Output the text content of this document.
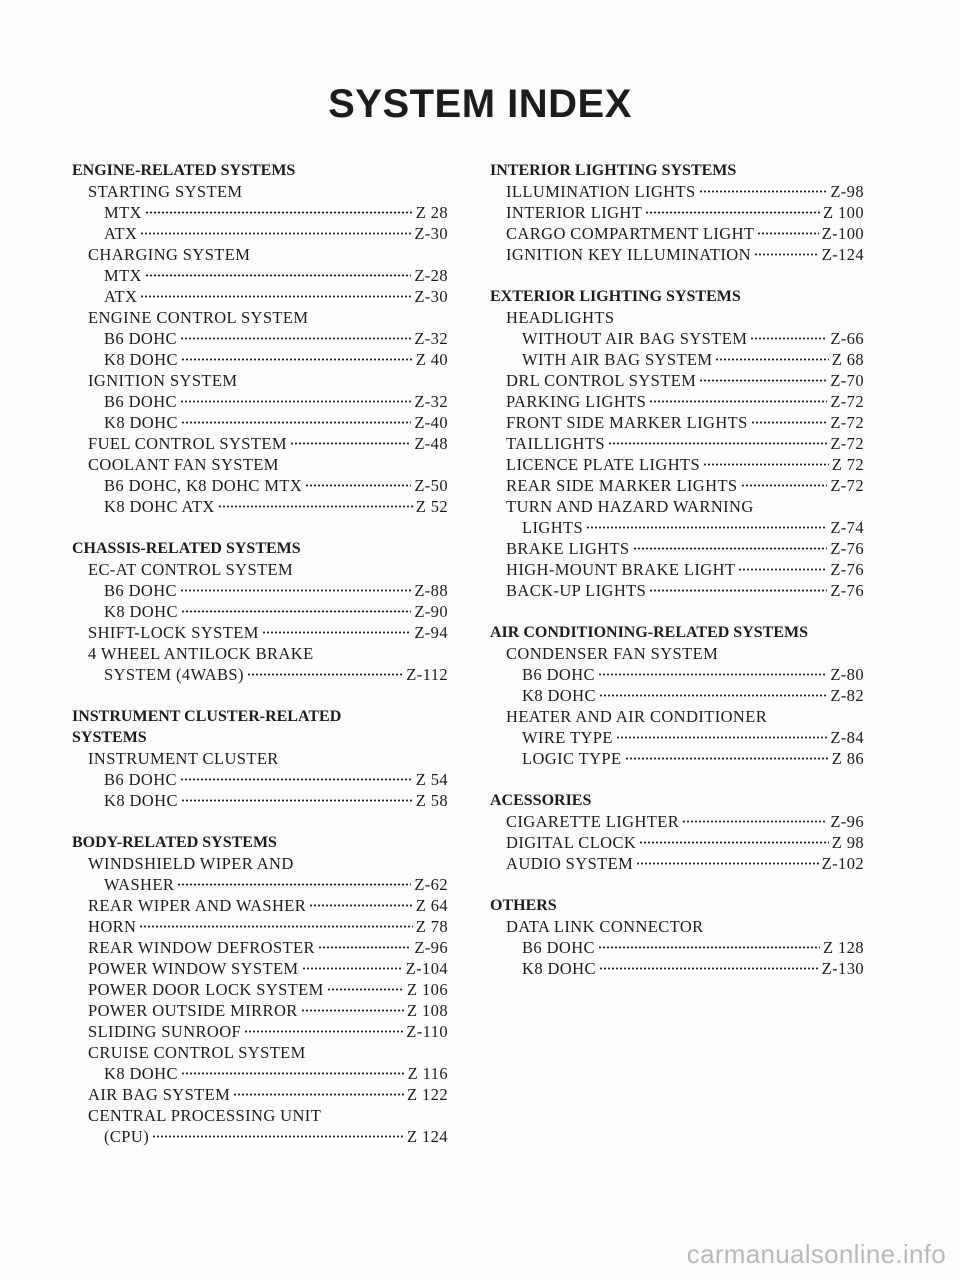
SYSTEM INDEX
ENGINE-RELATED SYSTEMS
STARTING SYSTEM
MTX	Z 28
ATX	Z-30
CHARGING SYSTEM
MTX	Z-28
ATX	Z-30
ENGINE CONTROL SYSTEM
B6 DOHC	Z-32
K8 DOHC	Z 40
IGNITION SYSTEM
B6 DOHC	Z-32
K8 DOHC	Z-40
FUEL CONTROL SYSTEM	Z-48
COOLANT FAN SYSTEM
B6 DOHC, K8 DOHC MTX	Z-50
K8 DOHC ATX	Z 52
CHASSIS-RELATED SYSTEMS
EC-AT CONTROL SYSTEM
B6 DOHC	Z-88
K8 DOHC	Z-90
SHIFT-LOCK SYSTEM	Z-94
4 WHEEL ANTILOCK BRAKE
SYSTEM (4WABS)	Z-112
INSTRUMENT CLUSTER-RELATED
SYSTEMS
INSTRUMENT CLUSTER
B6 DOHC	Z 54
K8 DOHC	Z 58
BODY-RELATED SYSTEMS
WINDSHIELD WIPER AND
WASHER	Z-62
REAR WIPER AND WASHER	Z 64
HORN	Z 78
REAR WINDOW DEFROSTER	Z-96
POWER WINDOW SYSTEM	Z-104
POWER DOOR LOCK SYSTEM	Z 106
POWER OUTSIDE MIRROR	Z 108
SLIDING SUNROOF	Z-110
CRUISE CONTROL SYSTEM
K8 DOHC	Z 116
AIR BAG SYSTEM	Z 122
CENTRAL PROCESSING UNIT
(CPU)	Z 124
INTERIOR LIGHTING SYSTEMS
ILLUMINATION LIGHTS	Z-98
INTERIOR LIGHT	Z 100
CARGO COMPARTMENT LIGHT	Z-100
IGNITION KEY ILLUMINATION	Z-124
EXTERIOR LIGHTING SYSTEMS
HEADLIGHTS
WITHOUT AIR BAG SYSTEM	Z-66
WITH AIR BAG SYSTEM	Z 68
DRL CONTROL SYSTEM	Z-70
PARKING LIGHTS	Z-72
FRONT SIDE MARKER LIGHTS	Z-72
TAILLIGHTS	Z-72
LICENCE PLATE LIGHTS	Z 72
REAR SIDE MARKER LIGHTS	Z-72
TURN AND HAZARD WARNING
LIGHTS	Z-74
BRAKE LIGHTS	Z-76
HIGH-MOUNT BRAKE LIGHT	Z-76
BACK-UP LIGHTS	Z-76
AIR CONDITIONING-RELATED SYSTEMS
CONDENSER FAN SYSTEM
B6 DOHC	Z-80
K8 DOHC	Z-82
HEATER AND AIR CONDITIONER
WIRE TYPE	Z-84
LOGIC TYPE	Z 86
ACESSORIES
CIGARETTE LIGHTER	Z-96
DIGITAL CLOCK	Z 98
AUDIO SYSTEM	Z-102
OTHERS
DATA LINK CONNECTOR
B6 DOHC	Z 128
K8 DOHC	Z-130
carmanualsonline.info
